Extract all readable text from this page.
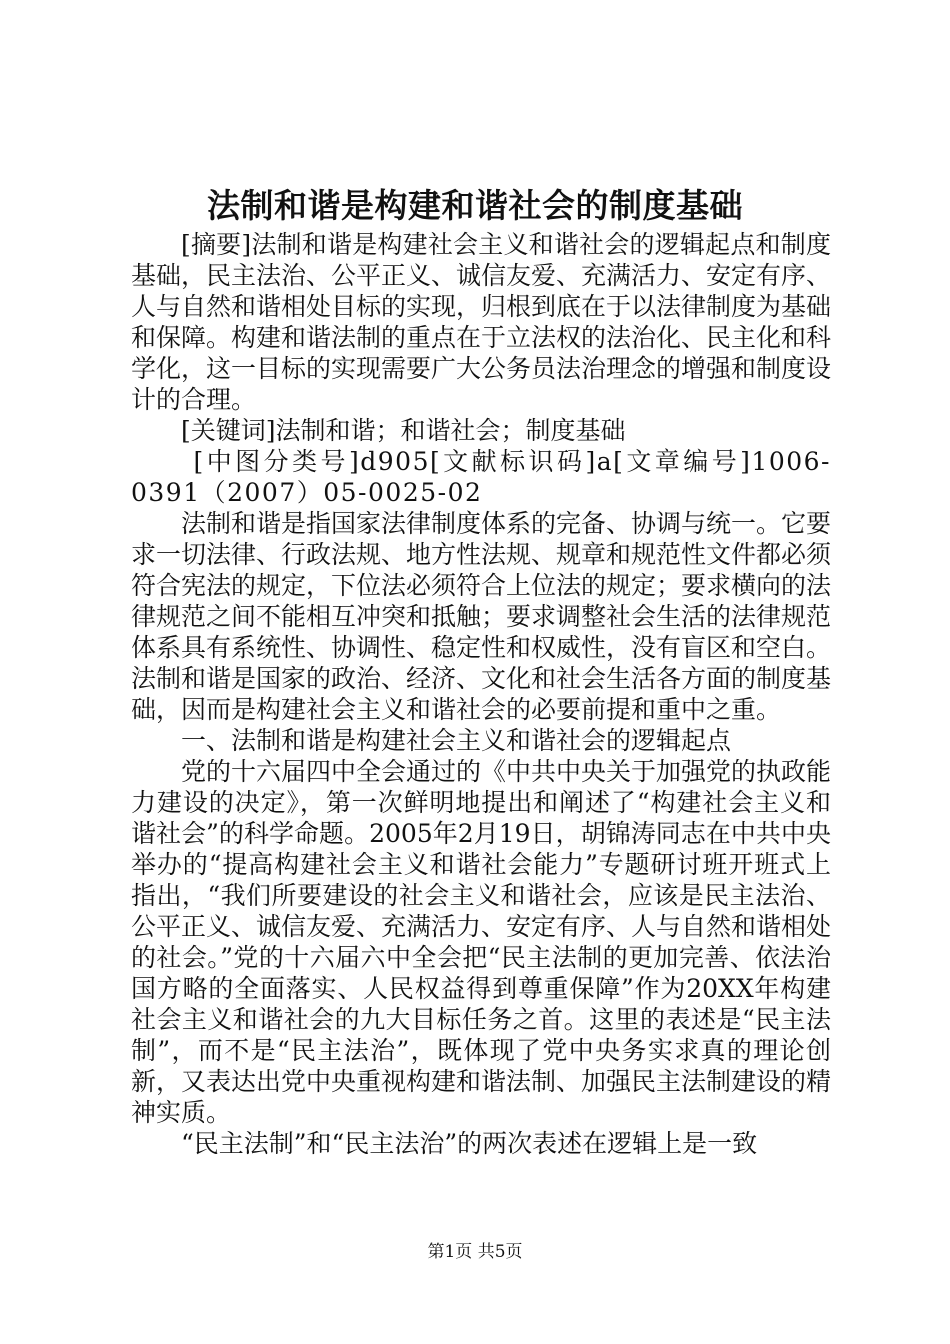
法制和谐是构建和谐社会的制度基础

[摘要]法制和谐是构建社会主义和谐社会的逻辑起点和制度基础，民主法治、公平正义、诚信友爱、充满活力、安定有序、人与自然和谐相处目标的实现，归根到底在于以法律制度为基础和保障。构建和谐法制的重点在于立法权的法治化、民主化和科学化，这一目标的实现需要广大公务员法治理念的增强和制度设计的合理。

[关键词]法制和谐；和谐社会；制度基础

[中图分类号]d905[文献标识码]a[文章编号]1006-0391（2007）05-0025-02

法制和谐是指国家法律制度体系的完备、协调与统一。它要求一切法律、行政法规、地方性法规、规章和规范性文件都必须符合宪法的规定，下位法必须符合上位法的规定；要求横向的法律规范之间不能相互冲突和抵触；要求调整社会生活的法律规范体系具有系统性、协调性、稳定性和权威性，没有盲区和空白。法制和谐是国家的政治、经济、文化和社会生活各方面的制度基础，因而是构建社会主义和谐社会的必要前提和重中之重。

一、法制和谐是构建社会主义和谐社会的逻辑起点

党的十六届四中全会通过的《中共中央关于加强党的执政能力建设的决定》，第一次鲜明地提出和阐述了“构建社会主义和谐社会”的科学命题。2005年2月19日，胡锦涛同志在中共中央举办的“提高构建社会主义和谐社会能力”专题研讨班开班式上指出，“我们所要建设的社会主义和谐社会，应该是民主法治、公平正义、诚信友爱、充满活力、安定有序、人与自然和谐相处的社会。”党的十六届六中全会把“民主法制的更加完善、依法治国方略的全面落实、人民权益得到尊重保障”作为20XX年构建社会主义和谐社会的九大目标任务之首。这里的表述是“民主法制”，而不是“民主法治”，既体现了党中央务实求真的理论创新，又表达出党中央重视构建和谐法制、加强民主法制建设的精神实质。

“民主法制”和“民主法治”的两次表述在逻辑上是一致

第1页 共5页
